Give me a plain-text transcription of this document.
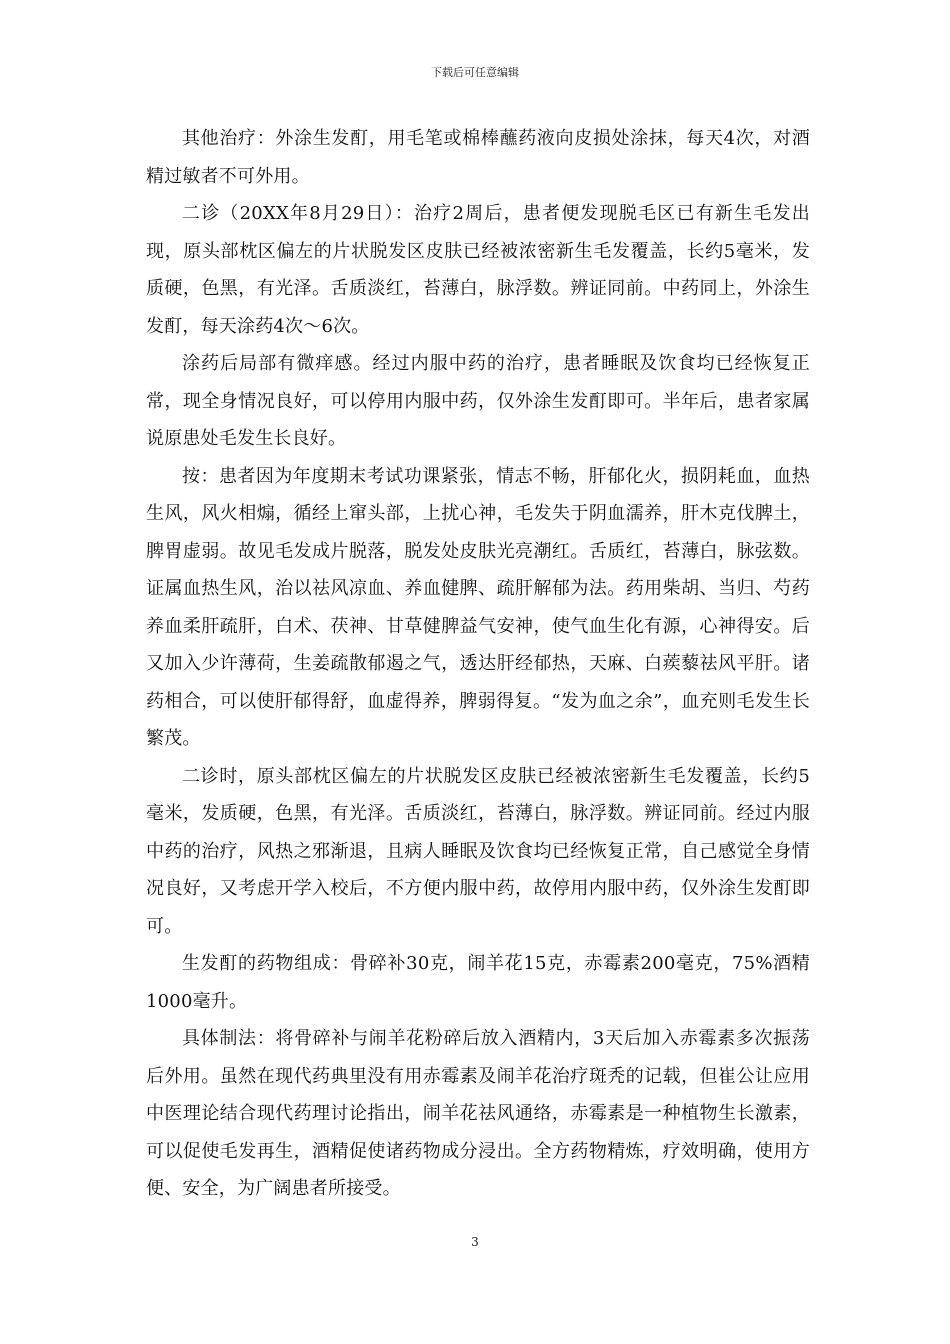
下载后可任意编辑

其他治疗：外涂生发酊，用毛笔或棉棒蘸药液向皮损处涂抹，每天4次，对酒精过敏者不可外用。

二诊（20XX年8月29日）：治疗2周后，患者便发现脱毛区已有新生毛发出现，原头部枕区偏左的片状脱发区皮肤已经被浓密新生毛发覆盖，长约5毫米，发质硬，色黑，有光泽。舌质淡红，苔薄白，脉浮数。辨证同前。中药同上，外涂生发酊，每天涂药4次～6次。

涂药后局部有微痒感。经过内服中药的治疗，患者睡眠及饮食均已经恢复正常，现全身情况良好，可以停用内服中药，仅外涂生发酊即可。半年后，患者家属说原患处毛发生长良好。

按：患者因为年度期末考试功课紧张，情志不畅，肝郁化火，损阴耗血，血热生风，风火相煽，循经上窜头部，上扰心神，毛发失于阴血濡养，肝木克伐脾土，脾胃虚弱。故见毛发成片脱落，脱发处皮肤光亮潮红。舌质红，苔薄白，脉弦数。证属血热生风，治以祛风凉血、养血健脾、疏肝解郁为法。药用柴胡、当归、芍药养血柔肝疏肝，白术、茯神、甘草健脾益气安神，使气血生化有源，心神得安。后又加入少许薄荷，生姜疏散郁遏之气，透达肝经郁热，天麻、白蒺藜祛风平肝。诸药相合，可以使肝郁得舒，血虚得养，脾弱得复。“发为血之余”，血充则毛发生长繁茂。

二诊时，原头部枕区偏左的片状脱发区皮肤已经被浓密新生毛发覆盖，长约5毫米，发质硬，色黑，有光泽。舌质淡红，苔薄白，脉浮数。辨证同前。经过内服中药的治疗，风热之邪渐退，且病人睡眠及饮食均已经恢复正常，自己感觉全身情况良好，又考虑开学入校后，不方便内服中药，故停用内服中药，仅外涂生发酊即可。

生发酊的药物组成：骨碎补30克，闹羊花15克，赤霉素200毫克，75%酒精1000毫升。

具体制法：将骨碎补与闹羊花粉碎后放入酒精内，3天后加入赤霉素多次振荡后外用。虽然在现代药典里没有用赤霉素及闹羊花治疗斑秃的记载，但崔公让应用中医理论结合现代药理讨论指出，闹羊花祛风通络，赤霉素是一种植物生长激素，可以促使毛发再生，酒精促使诸药物成分浸出。全方药物精炼，疗效明确，使用方便、安全，为广阔患者所接受。

3
